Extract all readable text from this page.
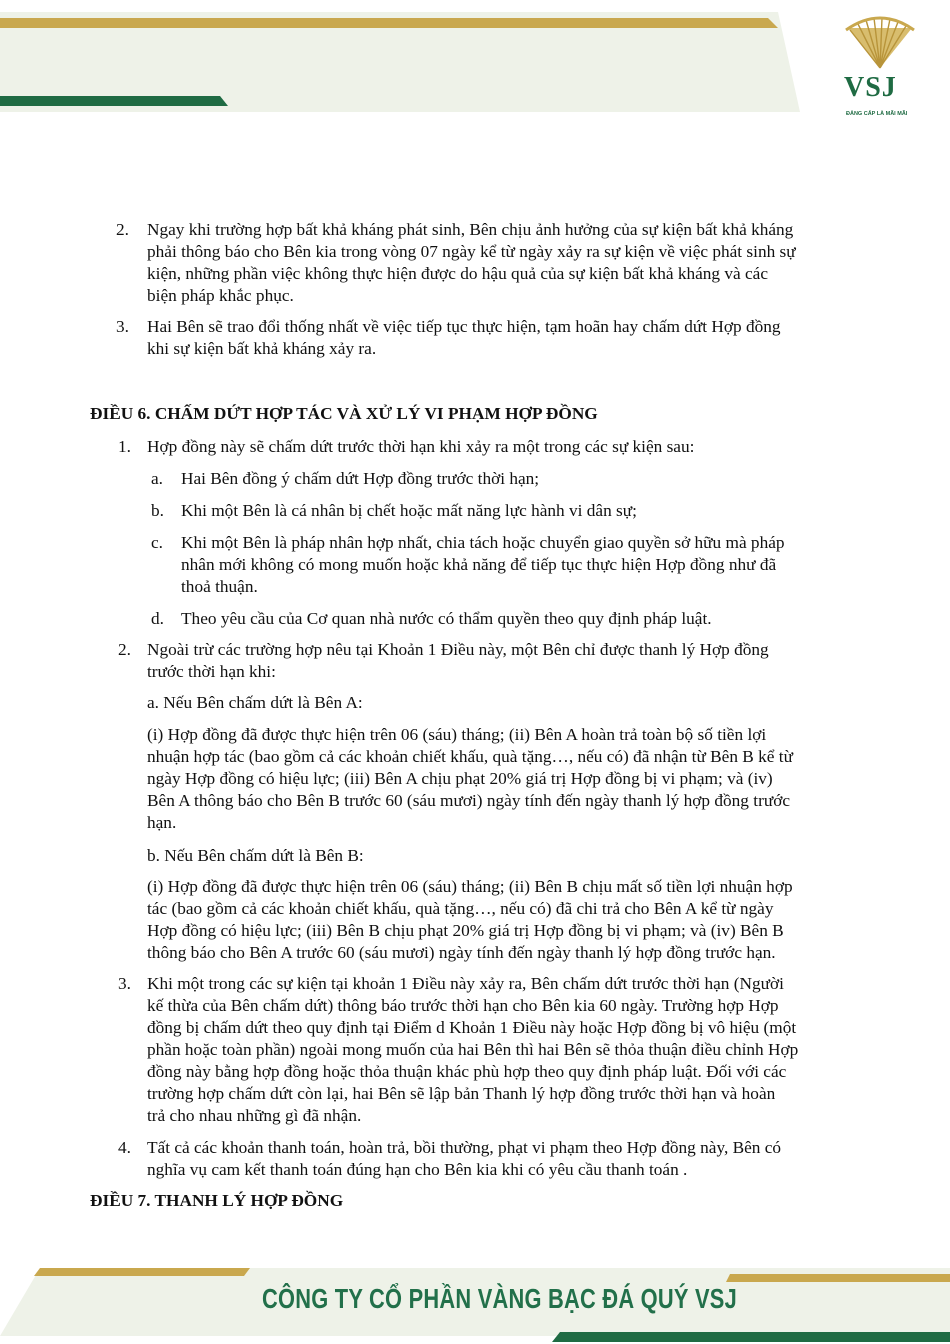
VSJ
ĐẲNG CẤP LÀ MÃI MÃI
2. Ngay khi trường hợp bất khả kháng phát sinh, Bên chịu ảnh hưởng của sự kiện bất khả kháng
phải thông báo cho Bên kia trong vòng 07 ngày kể từ ngày xảy ra sự kiện về việc phát sinh sự
kiện, những phần việc không thực hiện được do hậu quả của sự kiện bất khả kháng và các
biện pháp khắc phục.
3. Hai Bên sẽ trao đổi thống nhất về việc tiếp tục thực hiện, tạm hoãn hay chấm dứt Hợp đồng
khi sự kiện bất khả kháng xảy ra.
ĐIỀU 6. CHẤM DỨT HỢP TÁC VÀ XỬ LÝ VI PHẠM HỢP ĐỒNG
1. Hợp đồng này sẽ chấm dứt trước thời hạn khi xảy ra một trong các sự kiện sau:
a. Hai Bên đồng ý chấm dứt Hợp đồng trước thời hạn;
b. Khi một Bên là cá nhân bị chết hoặc mất năng lực hành vi dân sự;
c. Khi một Bên là pháp nhân hợp nhất, chia tách hoặc chuyển giao quyền sở hữu mà pháp
nhân mới không có mong muốn hoặc khả năng để tiếp tục thực hiện Hợp đồng như đã
thoả thuận.
d. Theo yêu cầu của Cơ quan nhà nước có thẩm quyền theo quy định pháp luật.
2. Ngoài trừ các trường hợp nêu tại Khoản 1 Điều này, một Bên chỉ được thanh lý Hợp đồng
trước thời hạn khi:
a. Nếu Bên chấm dứt là Bên A:
(i) Hợp đồng đã được thực hiện trên 06 (sáu) tháng; (ii) Bên A hoàn trả toàn bộ số tiền lợi
nhuận hợp tác (bao gồm cả các khoản chiết khấu, quà tặng…, nếu có) đã nhận từ Bên B kể từ
ngày Hợp đồng có hiệu lực; (iii) Bên A chịu phạt 20% giá trị Hợp đồng bị vi phạm; và (iv)
Bên A thông báo cho Bên B trước 60 (sáu mươi) ngày tính đến ngày thanh lý hợp đồng trước
hạn.
b. Nếu Bên chấm dứt là Bên B:
(i) Hợp đồng đã được thực hiện trên 06 (sáu) tháng; (ii) Bên B chịu mất số tiền lợi nhuận hợp
tác (bao gồm cả các khoản chiết khấu, quà tặng…, nếu có) đã chi trả cho Bên A kể từ ngày
Hợp đồng có hiệu lực; (iii) Bên B chịu phạt 20% giá trị Hợp đồng bị vi phạm; và (iv) Bên B
thông báo cho Bên A trước 60 (sáu mươi) ngày tính đến ngày thanh lý hợp đồng trước hạn.
3. Khi một trong các sự kiện tại khoản 1 Điều này xảy ra, Bên chấm dứt trước thời hạn (Người
kế thừa của Bên chấm dứt) thông báo trước thời hạn cho Bên kia 60 ngày. Trường hợp Hợp
đồng bị chấm dứt theo quy định tại Điểm d Khoản 1 Điều này hoặc Hợp đồng bị vô hiệu (một
phần hoặc toàn phần) ngoài mong muốn của hai Bên thì hai Bên sẽ thỏa thuận điều chỉnh Hợp
đồng này bằng hợp đồng hoặc thỏa thuận khác phù hợp theo quy định pháp luật. Đối với các
trường hợp chấm dứt còn lại, hai Bên sẽ lập bản Thanh lý hợp đồng trước thời hạn và hoàn
trả cho nhau những gì đã nhận.
4. Tất cả các khoản thanh toán, hoàn trả, bồi thường, phạt vi phạm theo Hợp đồng này, Bên có
nghĩa vụ cam kết thanh toán đúng hạn cho Bên kia khi có yêu cầu thanh toán .
ĐIỀU 7. THANH LÝ HỢP ĐỒNG
CÔNG TY CỔ PHẦN VÀNG BẠC ĐÁ QUÝ VSJ
